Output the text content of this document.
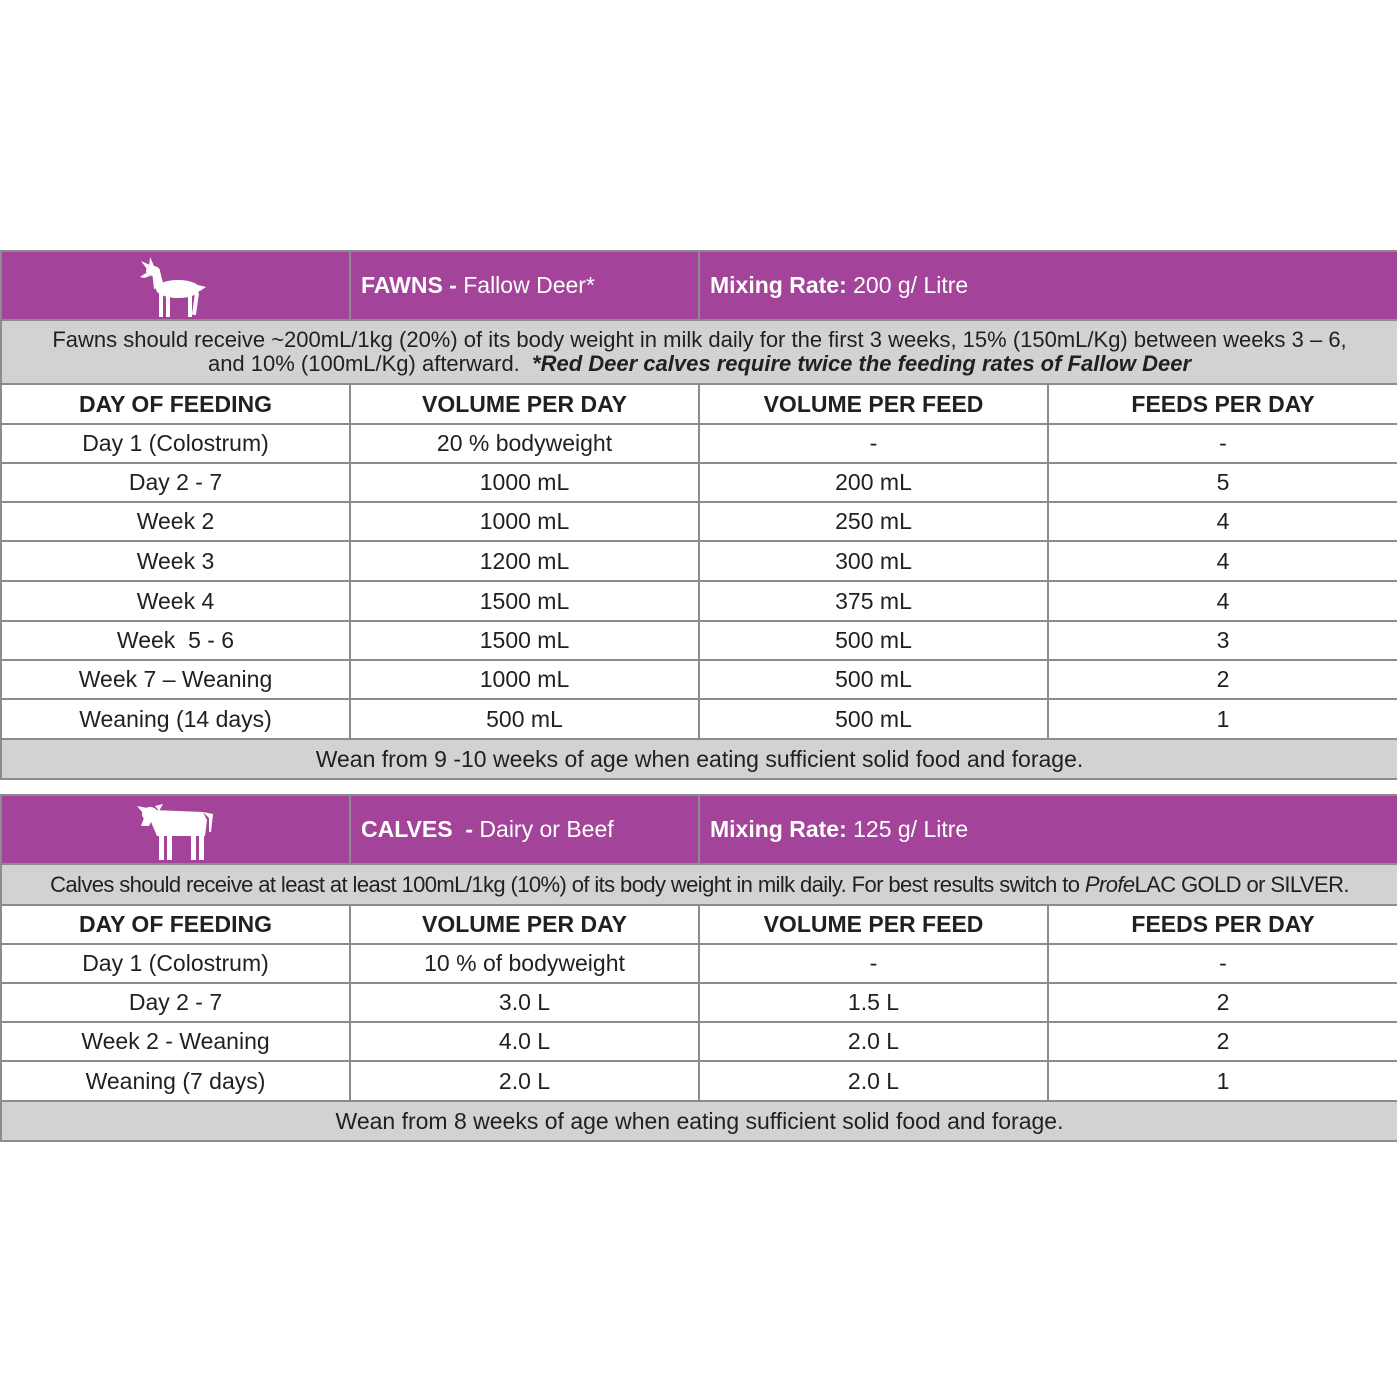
	FAWNS - Fallow Deer*	Mixing Rate: 200 g/ Litre	
Fawns should receive ~200mL/1kg (20%) of its body weight in milk daily for the first 3 weeks, 15% (150mL/Kg) between weeks 3 – 6, and 10% (100mL/Kg) afterward. *Red Deer calves require twice the feeding rates of Fallow Deer			
DAY OF FEEDING	VOLUME PER DAY	VOLUME PER FEED	FEEDS PER DAY
Day 1 (Colostrum)	20 % bodyweight	-	-
Day 2 - 7	1000 mL	200 mL	5
Week 2	1000 mL	250 mL	4
Week 3	1200 mL	300 mL	4
Week 4	1500 mL	375 mL	4
Week  5 - 6	1500 mL	500 mL	3
Week 7 – Weaning	1000 mL	500 mL	2
Weaning (14 days)	500 mL	500 mL	1
Wean from 9 -10 weeks of age when eating sufficient solid food and forage.			
	CALVES  - Dairy or Beef	Mixing Rate: 125 g/ Litre	
Calves should receive at least at least 100mL/1kg (10%) of its body weight in milk daily. For best results switch to ProfeLAC GOLD or SILVER.			
DAY OF FEEDING	VOLUME PER DAY	VOLUME PER FEED	FEEDS PER DAY
Day 1 (Colostrum)	10 % of bodyweight	-	-
Day 2 - 7	3.0 L	1.5 L	2
Week 2 - Weaning	4.0 L	2.0 L	2
Weaning (7 days)	2.0 L	2.0 L	1
Wean from 8 weeks of age when eating sufficient solid food and forage.			
